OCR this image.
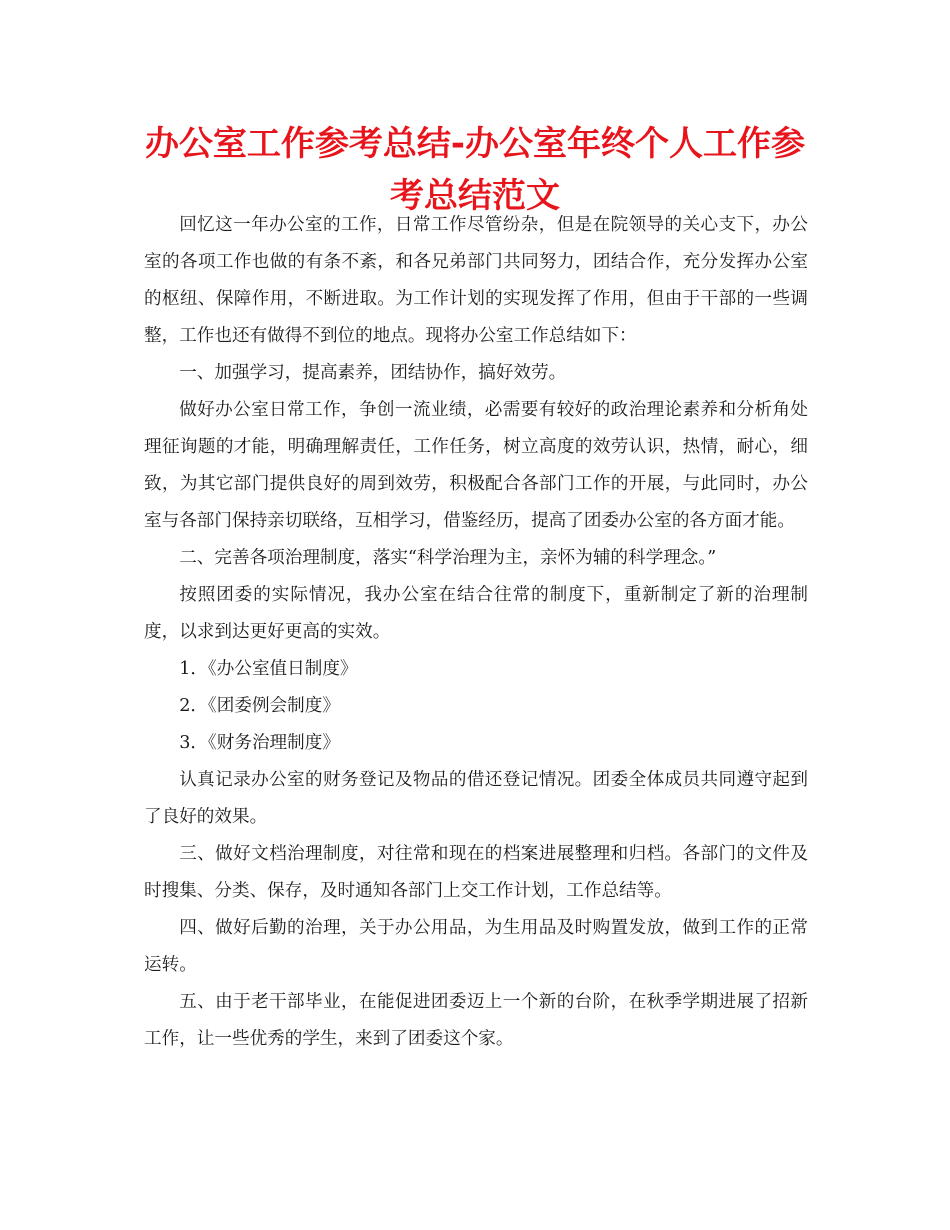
办公室工作参考总结-办公室年终个人工作参考总结范文

回忆这一年办公室的工作，日常工作尽管纷杂，但是在院领导的关心支下，办公室的各项工作也做的有条不紊，和各兄弟部门共同努力，团结合作，充分发挥办公室的枢纽、保障作用，不断进取。为工作计划的实现发挥了作用，但由于干部的一些调整，工作也还有做得不到位的地点。现将办公室工作总结如下：

一、加强学习，提高素养，团结协作，搞好效劳。

做好办公室日常工作，争创一流业绩，必需要有较好的政治理论素养和分析角处理征询题的才能，明确理解责任，工作任务，树立高度的效劳认识，热情，耐心，细致，为其它部门提供良好的周到效劳，积极配合各部门工作的开展，与此同时，办公室与各部门保持亲切联络，互相学习，借鉴经历，提高了团委办公室的各方面才能。

二、完善各项治理制度，落实“科学治理为主，亲怀为辅的科学理念。”

按照团委的实际情况，我办公室在结合往常的制度下，重新制定了新的治理制度，以求到达更好更高的实效。

1．《办公室值日制度》

2．《团委例会制度》

3．《财务治理制度》

认真记录办公室的财务登记及物品的借还登记情况。团委全体成员共同遵守起到了良好的效果。

三、做好文档治理制度，对往常和现在的档案进展整理和归档。各部门的文件及时搜集、分类、保存，及时通知各部门上交工作计划，工作总结等。

四、做好后勤的治理，关于办公用品，为生用品及时购置发放，做到工作的正常运转。

五、由于老干部毕业，在能促进团委迈上一个新的台阶，在秋季学期进展了招新工作，让一些优秀的学生，来到了团委这个家。
